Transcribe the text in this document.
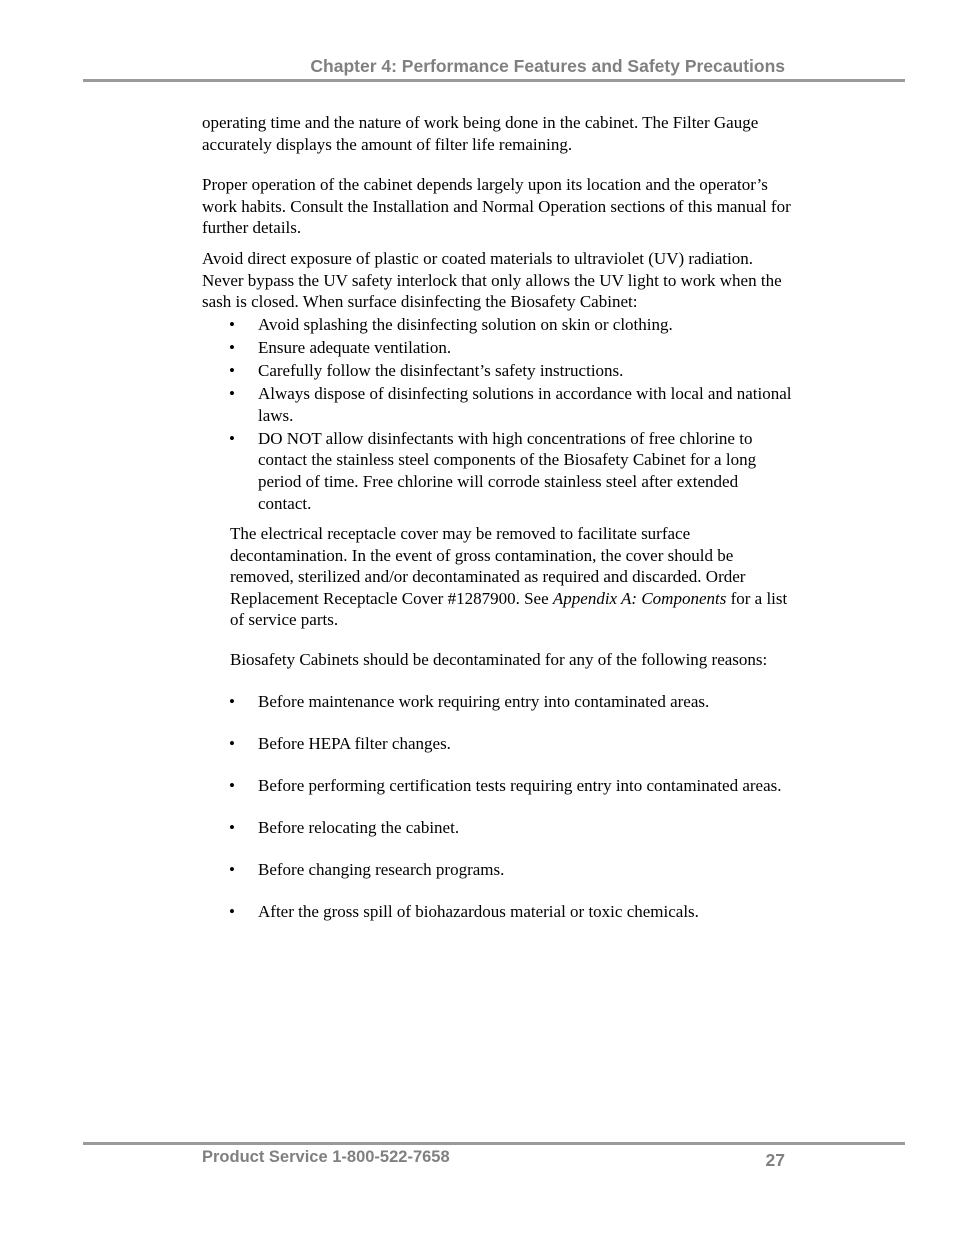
Chapter 4: Performance Features and Safety Precautions

operating time and the nature of work being done in the cabinet. The Filter Gauge accurately displays the amount of filter life remaining.

Proper operation of the cabinet depends largely upon its location and the operator’s work habits. Consult the Installation and Normal Operation sections of this manual for further details.

Avoid direct exposure of plastic or coated materials to ultraviolet (UV) radiation. Never bypass the UV safety interlock that only allows the UV light to work when the sash is closed. When surface disinfecting the Biosafety Cabinet:

• Avoid splashing the disinfecting solution on skin or clothing.
• Ensure adequate ventilation.
• Carefully follow the disinfectant’s safety instructions.
• Always dispose of disinfecting solutions in accordance with local and national laws.
• DO NOT allow disinfectants with high concentrations of free chlorine to contact the stainless steel components of the Biosafety Cabinet for a long period of time. Free chlorine will corrode stainless steel after extended contact.

The electrical receptacle cover may be removed to facilitate surface decontamination. In the event of gross contamination, the cover should be removed, sterilized and/or decontaminated as required and discarded. Order Replacement Receptacle Cover #1287900. See Appendix A: Components for a list of service parts.

Biosafety Cabinets should be decontaminated for any of the following reasons:

• Before maintenance work requiring entry into contaminated areas.
• Before HEPA filter changes.
• Before performing certification tests requiring entry into contaminated areas.
• Before relocating the cabinet.
• Before changing research programs.
• After the gross spill of biohazardous material or toxic chemicals.
Product Service 1-800-522-7658	27
